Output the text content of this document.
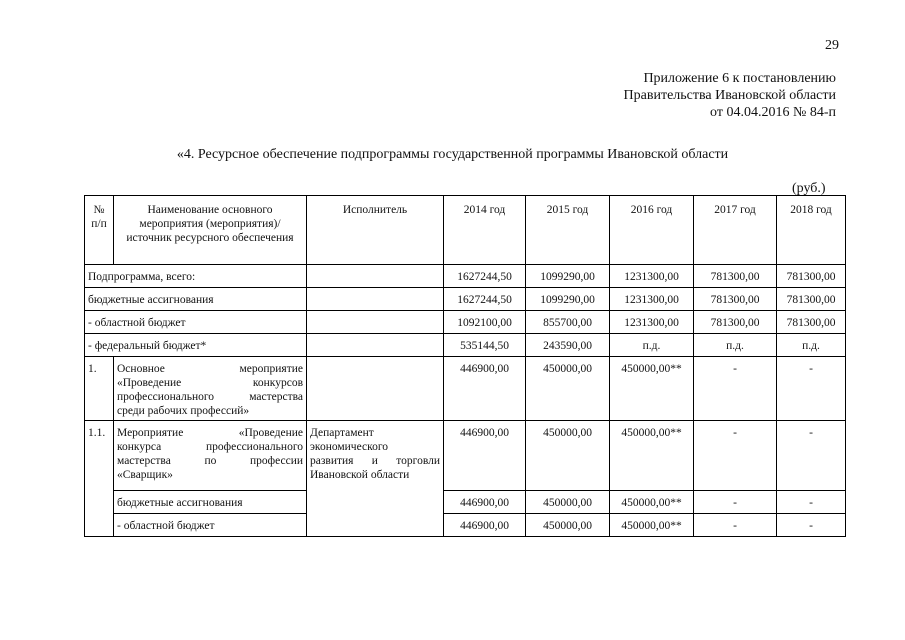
29
Приложение 6 к постановлению
Правительства Ивановской области
от 04.04.2016 № 84-п
«4. Ресурсное обеспечение подпрограммы государственной программы Ивановской области
(руб.)
№ п/п	Наименование основного мероприятия (мероприятия)/источник ресурсного обеспечения	Исполнитель	2014 год	2015 год	2016 год	2017 год	2018 год
Подпрограмма, всего:			1627244,50	1099290,00	1231300,00	781300,00	781300,00
бюджетные ассигнования			1627244,50	1099290,00	1231300,00	781300,00	781300,00
- областной бюджет			1092100,00	855700,00	1231300,00	781300,00	781300,00
- федеральный бюджет*			535144,50	243590,00	п.д.	п.д.	п.д.
1.	Основное мероприятие
«Проведение конкурсов
профессионального мастерства
среди рабочих профессий»		446900,00	450000,00	450000,00**	-	-
1.1.	Мероприятие «Проведение
конкурса профессионального
мастерства по профессии
«Сварщик»	Департамент
экономического
развития и торговли
Ивановской области	446900,00	450000,00	450000,00**	-	-
	бюджетные ассигнования		446900,00	450000,00	450000,00**	-	-
	- областной бюджет		446900,00	450000,00	450000,00**	-	-
